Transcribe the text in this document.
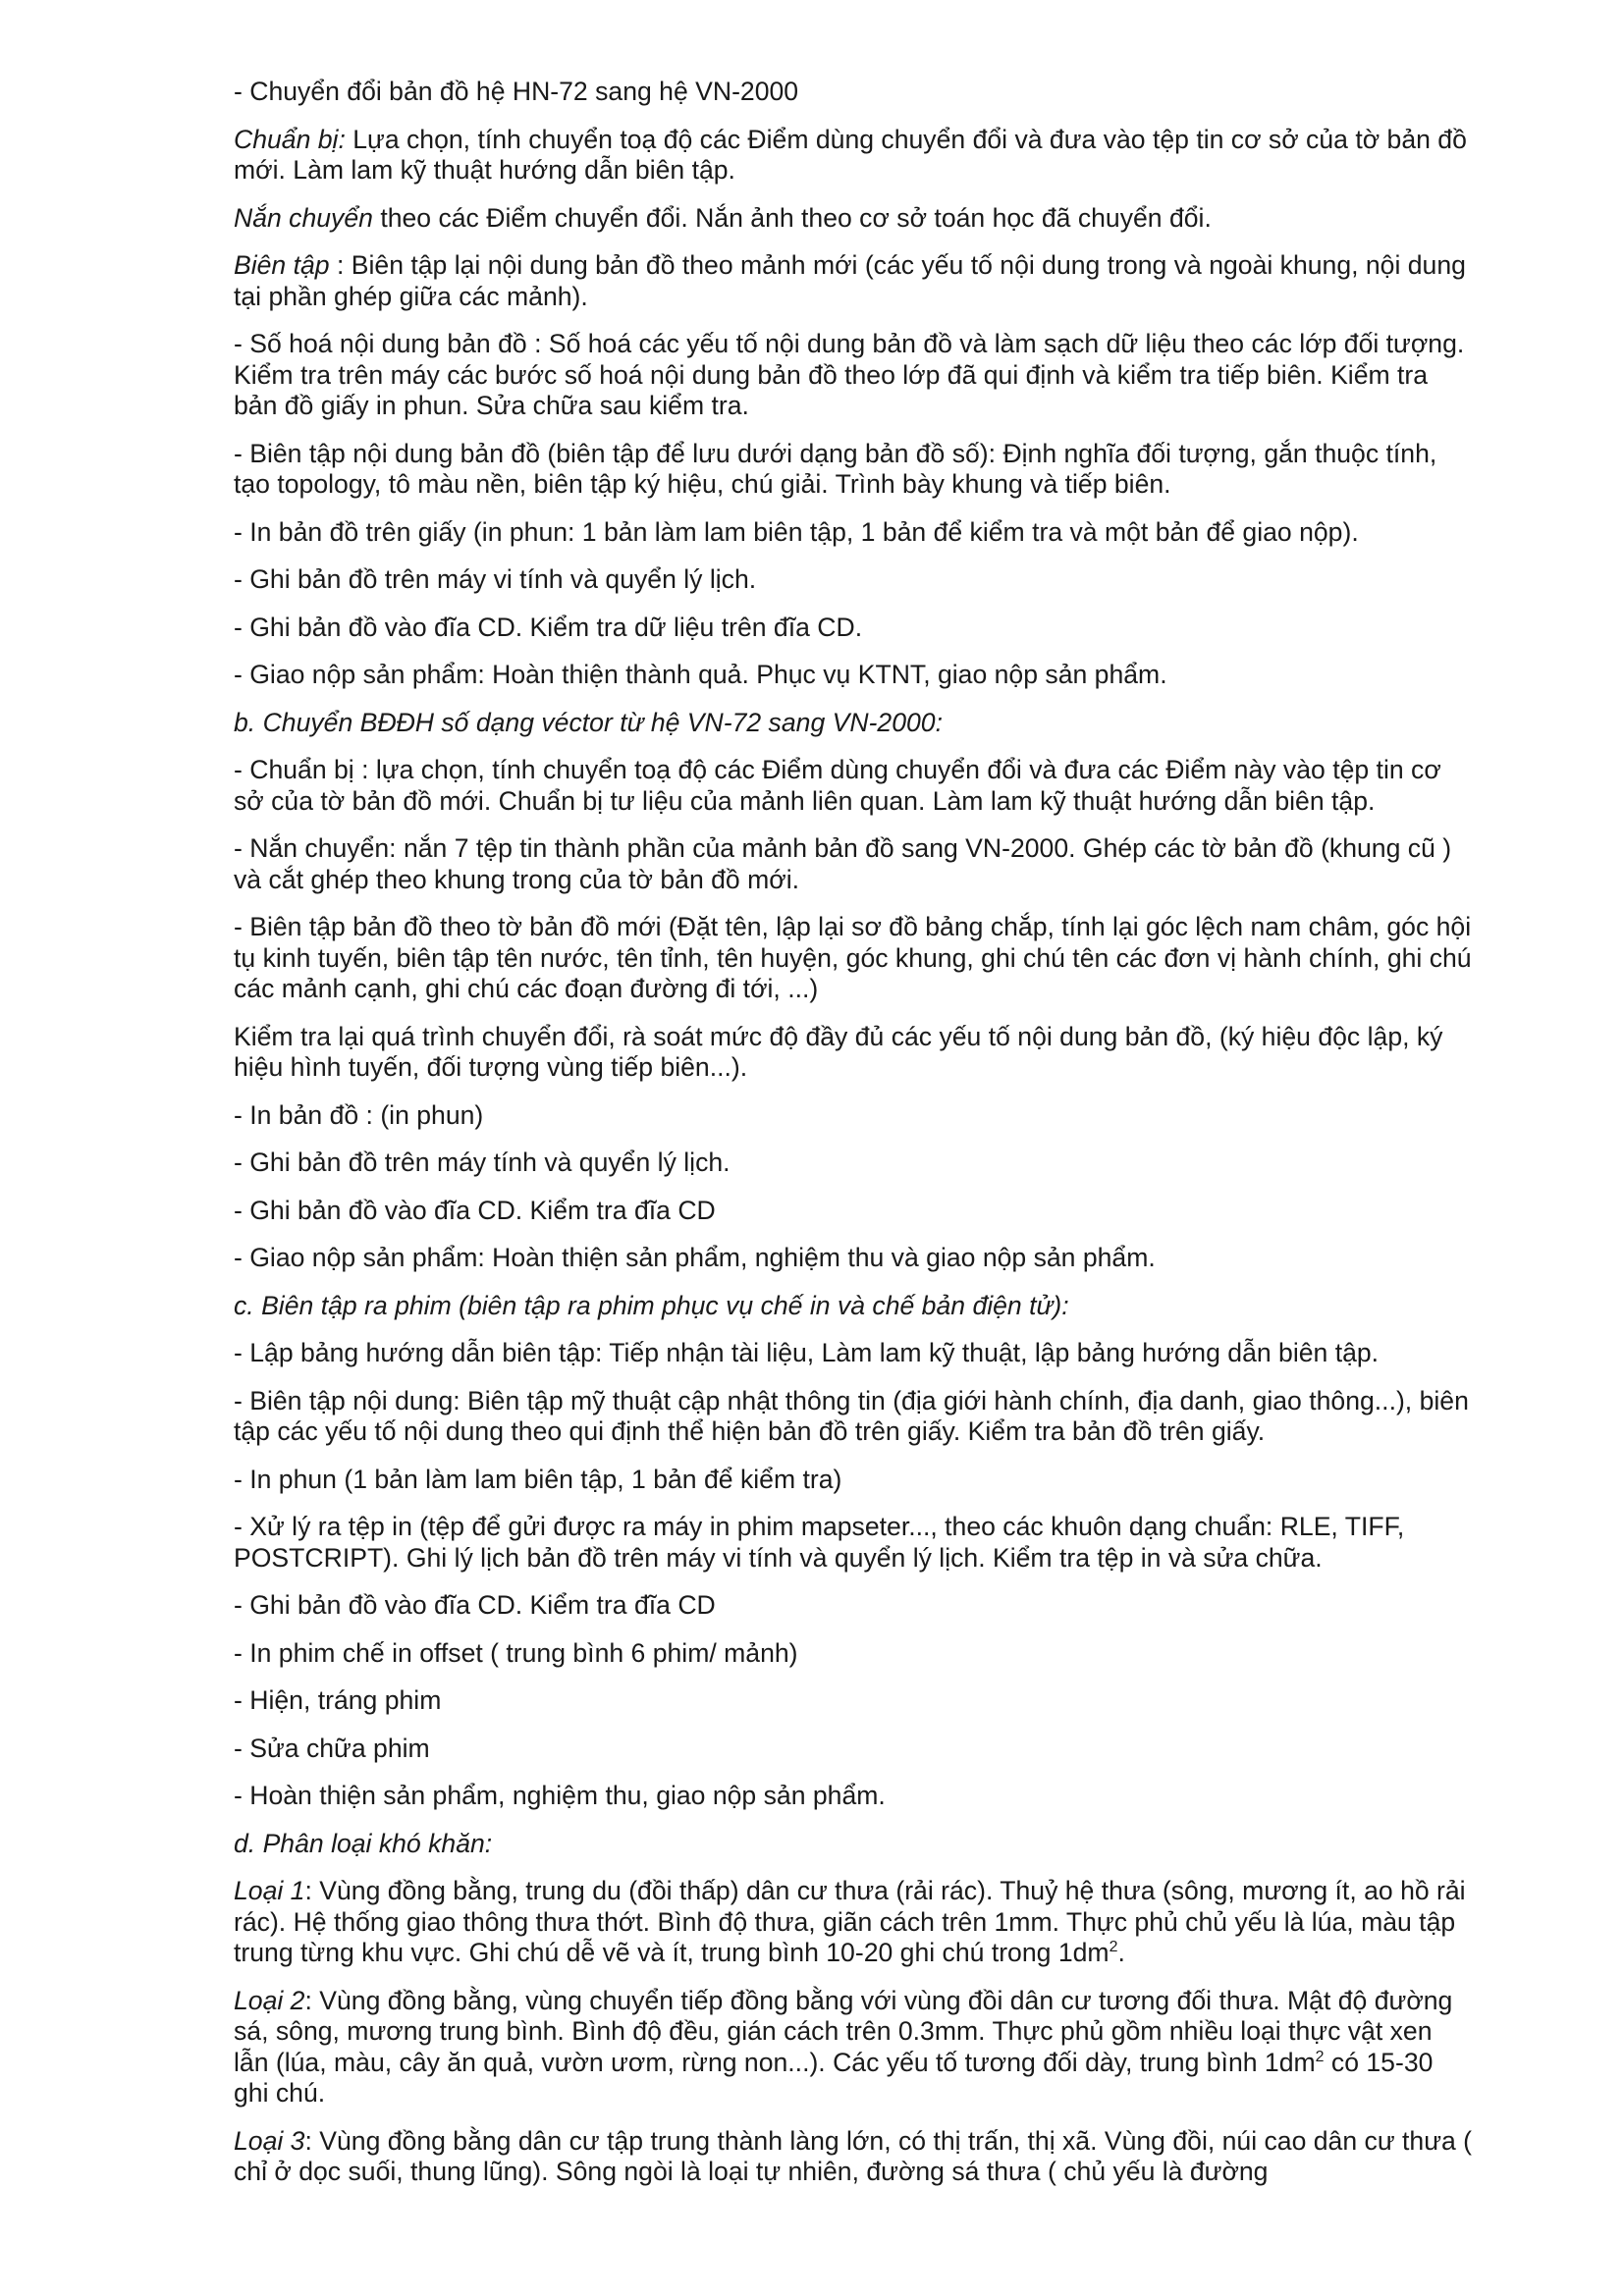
- Chuyển đổi bản đồ hệ HN-72 sang hệ VN-2000

Chuẩn bị: Lựa chọn, tính chuyển toạ độ các Điểm dùng chuyển đổi và đưa vào tệp tin cơ sở của tờ bản đồ mới. Làm lam kỹ thuật hướng dẫn biên tập.

Nắn chuyển theo các Điểm chuyển đổi. Nắn ảnh theo cơ sở toán học đã chuyển đổi.

Biên tập : Biên tập lại nội dung bản đồ theo mảnh mới (các yếu tố nội dung trong và ngoài khung, nội dung tại phần ghép giữa các mảnh).

- Số hoá nội dung bản đồ : Số hoá các yếu tố nội dung bản đồ và làm sạch dữ liệu theo các lớp đối tượng. Kiểm tra trên máy các bước số hoá nội dung bản đồ theo lớp đã qui định và kiểm tra tiếp biên. Kiểm tra bản đồ giấy in phun. Sửa chữa sau kiểm tra.

- Biên tập nội dung bản đồ (biên tập để lưu dưới dạng bản đồ số): Định nghĩa đối tượng, gắn thuộc tính, tạo topology, tô màu nền, biên tập ký hiệu, chú giải. Trình bày khung và tiếp biên.

- In bản đồ trên giấy (in phun: 1 bản làm lam biên tập, 1 bản để kiểm tra và một bản để giao nộp).

- Ghi bản đồ trên máy vi tính và quyển lý lịch.

- Ghi bản đồ vào đĩa CD. Kiểm tra dữ liệu trên đĩa CD.

- Giao nộp sản phẩm: Hoàn thiện thành quả. Phục vụ KTNT, giao nộp sản phẩm.

b. Chuyển BĐĐH số dạng véctor từ hệ VN-72 sang VN-2000:

- Chuẩn bị : lựa chọn, tính chuyển toạ độ các Điểm dùng chuyển đổi và đưa các Điểm này vào tệp tin cơ sở của tờ bản đồ mới. Chuẩn bị tư liệu của mảnh liên quan. Làm lam kỹ thuật hướng dẫn biên tập.

- Nắn chuyển: nắn 7 tệp tin thành phần của mảnh bản đồ sang VN-2000. Ghép các tờ bản đồ (khung cũ ) và cắt ghép theo khung trong của tờ bản đồ mới.

- Biên tập bản đồ theo tờ bản đồ mới (Đặt tên, lập lại sơ đồ bảng chắp, tính lại góc lệch nam châm, góc hội tụ kinh tuyến, biên tập tên nước, tên tỉnh, tên huyện, góc khung, ghi chú tên các đơn vị hành chính, ghi chú các mảnh cạnh, ghi chú các đoạn đường đi tới, ...)

Kiểm tra lại quá trình chuyển đổi, rà soát mức độ đầy đủ các yếu tố nội dung bản đồ, (ký hiệu độc lập, ký hiệu hình tuyến, đối tượng vùng tiếp biên...).

- In bản đồ : (in phun)

- Ghi bản đồ trên máy tính và quyển lý lịch.

- Ghi bản đồ vào đĩa CD. Kiểm tra đĩa CD

- Giao nộp sản phẩm: Hoàn thiện sản phẩm, nghiệm thu và giao nộp sản phẩm.

c. Biên tập ra phim (biên tập ra phim phục vụ chế in và chế bản điện tử):

- Lập bảng hướng dẫn biên tập: Tiếp nhận tài liệu, Làm lam kỹ thuật, lập bảng hướng dẫn biên tập.

- Biên tập nội dung: Biên tập mỹ thuật cập nhật thông tin (địa giới hành chính, địa danh, giao thông...), biên tập các yếu tố nội dung theo qui định thể hiện bản đồ trên giấy. Kiểm tra bản đồ trên giấy.

- In phun (1 bản làm lam biên tập, 1 bản để kiểm tra)

- Xử lý ra tệp in (tệp để gửi được ra máy in phim mapseter..., theo các khuôn dạng chuẩn: RLE, TIFF, POSTCRIPT). Ghi lý lịch bản đồ trên máy vi tính và quyển lý lịch. Kiểm tra tệp in và sửa chữa.

- Ghi bản đồ vào đĩa CD. Kiểm tra đĩa CD

- In phim chế in offset ( trung bình 6 phim/ mảnh)

- Hiện, tráng phim

- Sửa chữa phim

- Hoàn thiện sản phẩm, nghiệm thu, giao nộp sản phẩm.

d. Phân loại khó khăn:

Loại 1: Vùng đồng bằng, trung du (đồi thấp) dân cư thưa (rải rác). Thuỷ hệ thưa (sông, mương ít, ao hồ rải rác). Hệ thống giao thông thưa thớt. Bình độ thưa, giãn cách trên 1mm. Thực phủ chủ yếu là lúa, màu tập trung từng khu vực. Ghi chú dễ vẽ và ít, trung bình 10-20 ghi chú trong $1dm^2$.

Loại 2: Vùng đồng bằng, vùng chuyển tiếp đồng bằng với vùng đồi dân cư tương đối thưa. Mật độ đường sá, sông, mương trung bình. Bình độ đều, gián cách trên 0.3mm. Thực phủ gồm nhiều loại thực vật xen lẫn (lúa, màu, cây ăn quả, vườn ươm, rừng non...). Các yếu tố tương đối dày, trung bình $1dm^2$ có 15-30 ghi chú.

Loại 3: Vùng đồng bằng dân cư tập trung thành làng lớn, có thị trấn, thị xã. Vùng đồi, núi cao dân cư thưa ( chỉ ở dọc suối, thung lũng). Sông ngòi là loại tự nhiên, đường sá thưa ( chủ yếu là đường
